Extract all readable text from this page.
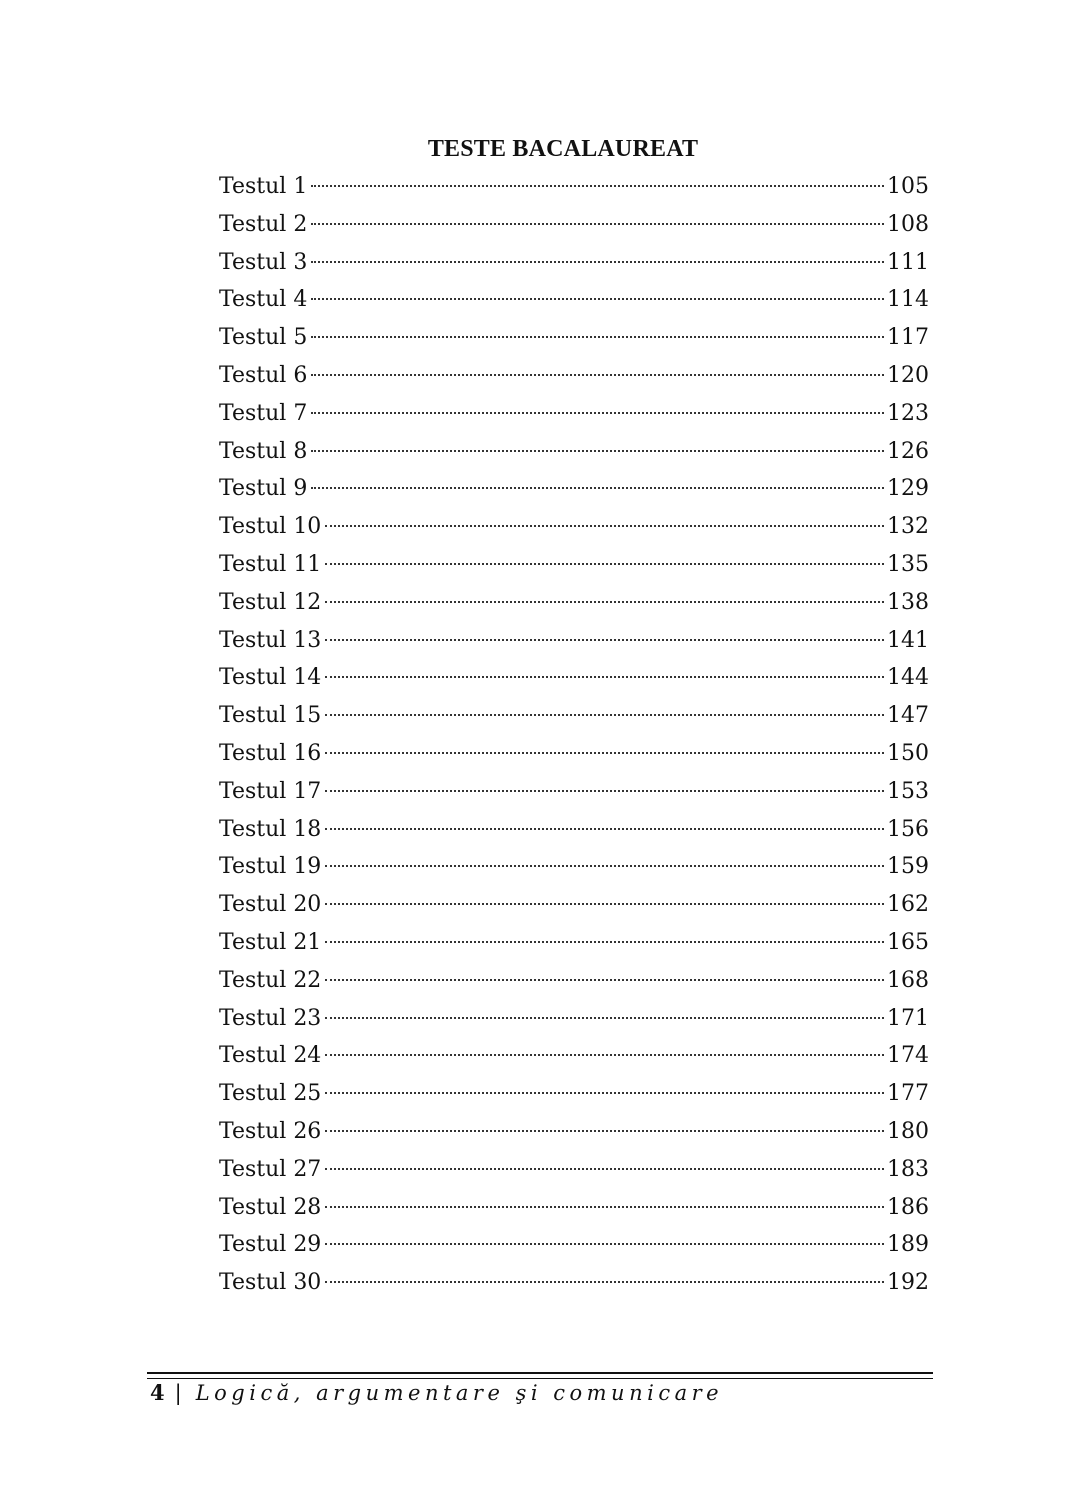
TESTE BACALAUREAT
Testul 1	105
Testul 2	108
Testul 3	111
Testul 4	114
Testul 5	117
Testul 6	120
Testul 7	123
Testul 8	126
Testul 9	129
Testul 10	132
Testul 11	135
Testul 12	138
Testul 13	141
Testul 14	144
Testul 15	147
Testul 16	150
Testul 17	153
Testul 18	156
Testul 19	159
Testul 20	162
Testul 21	165
Testul 22	168
Testul 23	171
Testul 24	174
Testul 25	177
Testul 26	180
Testul 27	183
Testul 28	186
Testul 29	189
Testul 30	192
4 | Logică, argumentare şi comunicare
